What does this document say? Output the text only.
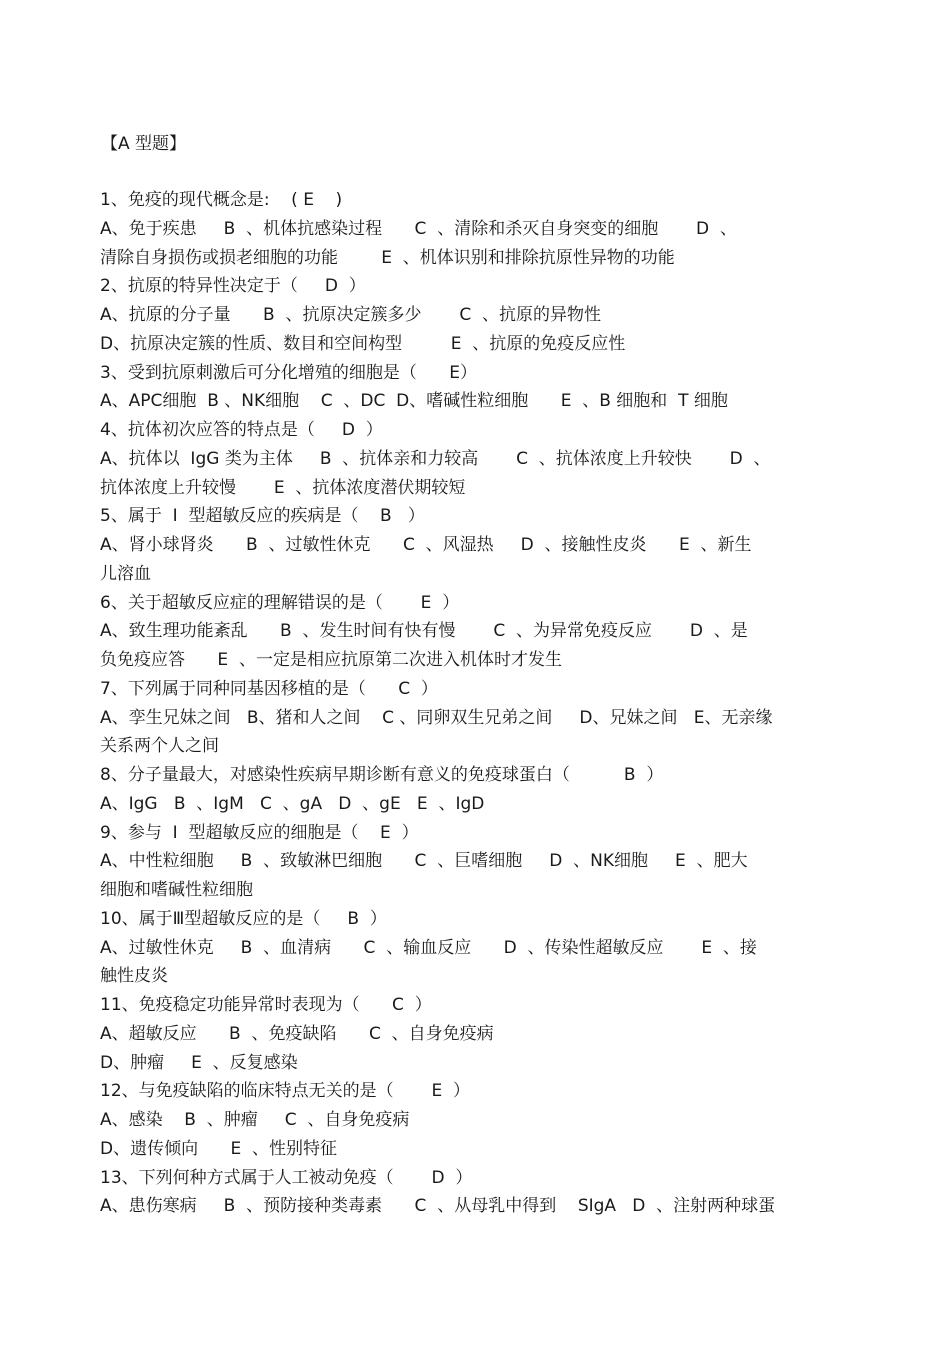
【A 型题】
1、免疫的现代概念是:    ( E    )
A、免于疾患     B  、机体抗感染过程      C  、清除和杀灭自身突变的细胞       D  、
清除自身损伤或损老细胞的功能        E  、机体识别和排除抗原性异物的功能
2、抗原的特异性决定于（     D  ）
A、抗原的分子量      B  、抗原决定簇多少       C  、抗原的异物性
D、抗原决定簇的性质、数目和空间构型         E  、抗原的免疫反应性
3、受到抗原刺激后可分化增殖的细胞是（      E）
A、APC细胞  B 、NK细胞    C  、DC  D、嗜碱性粒细胞      E  、B 细胞和  T 细胞
4、抗体初次应答的特点是（     D  ）
A、抗体以  IgG 类为主体     B  、抗体亲和力较高       C  、抗体浓度上升较快       D  、
抗体浓度上升较慢       E  、抗体浓度潜伏期较短
5、属于  I  型超敏反应的疾病是（    B   ）
A、肾小球肾炎      B  、过敏性休克      C  、风湿热     D  、接触性皮炎      E  、新生
儿溶血
6、关于超敏反应症的理解错误的是（       E  ）
A、致生理功能紊乱      B  、发生时间有快有慢       C  、为异常免疫反应       D  、是
负免疫应答      E  、一定是相应抗原第二次进入机体时才发生
7、下列属于同种同基因移植的是（      C  ）
A、孪生兄妹之间   B、猪和人之间    C 、同卵双生兄弟之间     D、兄妹之间   E、无亲缘
关系两个人之间
8、分子量最大，对感染性疾病早期诊断有意义的免疫球蛋白（          B  ）
A、IgG   B  、IgM   C  、gA   D  、gE   E  、IgD
9、参与  I  型超敏反应的细胞是（    E  ）
A、中性粒细胞     B  、致敏淋巴细胞      C  、巨嗜细胞     D  、NK细胞     E  、肥大
细胞和嗜碱性粒细胞
10、属于Ⅲ型超敏反应的是（     B  ）
A、过敏性休克     B  、血清病      C  、输血反应      D  、传染性超敏反应       E  、接
触性皮炎
11、免疫稳定功能异常时表现为（      C  ）
A、超敏反应      B  、免疫缺陷      C  、自身免疫病
D、肿瘤     E  、反复感染
12、与免疫缺陷的临床特点无关的是（       E  ）
A、感染    B  、肿瘤     C  、自身免疫病
D、遗传倾向      E  、性别特征
13、下列何种方式属于人工被动免疫（       D  ）
A、患伤寒病     B  、预防接种类毒素      C  、从母乳中得到    SIgA   D  、注射两种球蛋
